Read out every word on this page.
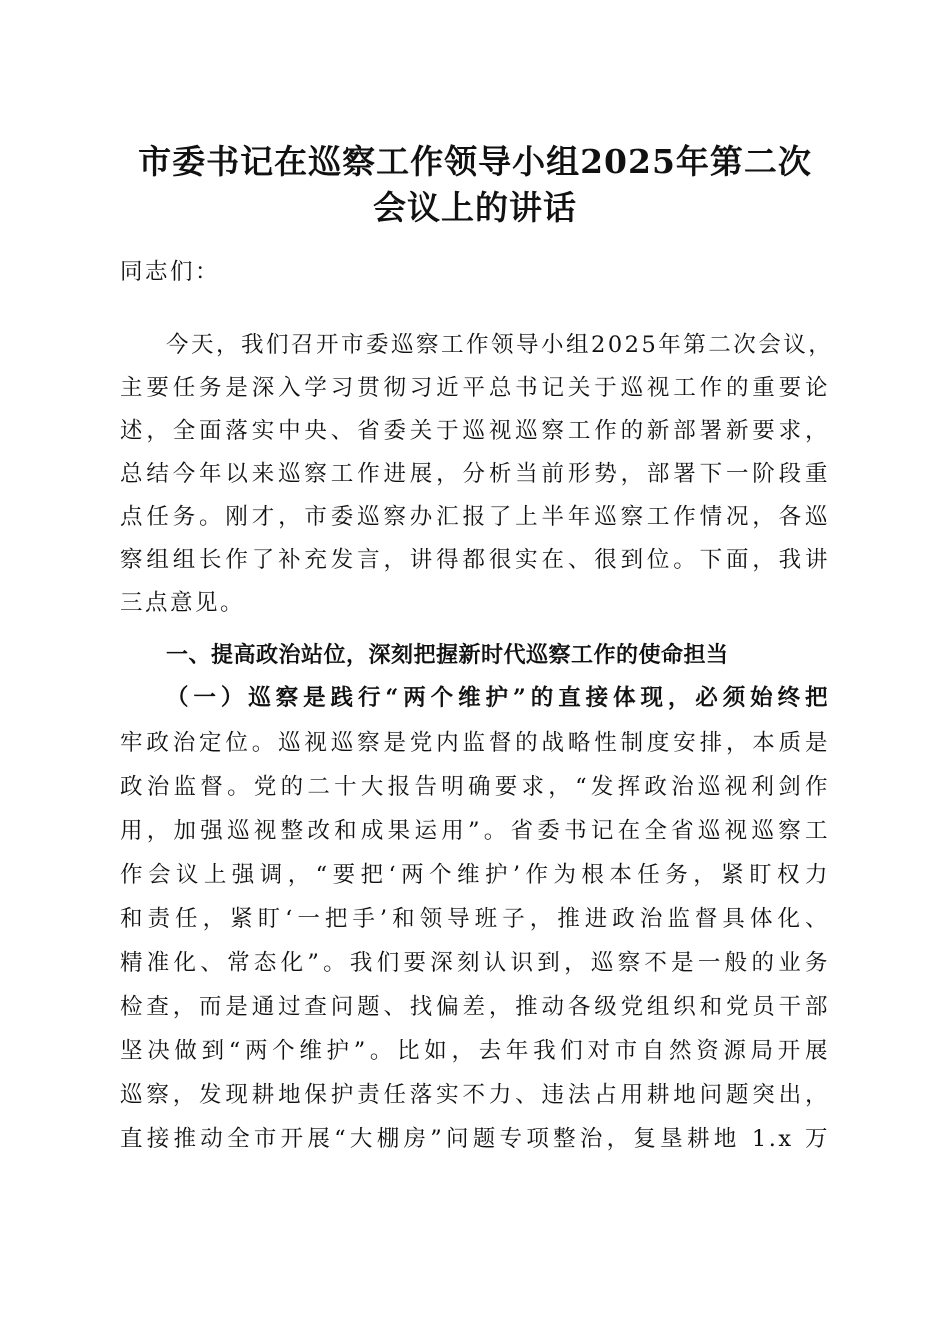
市委书记在巡察工作领导小组2025年第二次
会议上的讲话
同志们：
今天，我们召开市委巡察工作领导小组2025年第二次会议，
主要任务是深入学习贯彻习近平总书记关于巡视工作的重要论
述，全面落实中央、省委关于巡视巡察工作的新部署新要求，
总结今年以来巡察工作进展，分析当前形势，部署下一阶段重
点任务。刚才，市委巡察办汇报了上半年巡察工作情况，各巡
察组组长作了补充发言，讲得都很实在、很到位。下面，我讲
三点意见。
一、提高政治站位，深刻把握新时代巡察工作的使命担当
（一）巡察是践行“两个维护”的直接体现，必须始终把
牢政治定位。巡视巡察是党内监督的战略性制度安排，本质是
政治监督。党的二十大报告明确要求，“发挥政治巡视利剑作
用，加强巡视整改和成果运用”。省委书记在全省巡视巡察工
作会议上强调，“要把‘两个维护’作为根本任务，紧盯权力
和责任，紧盯‘一把手’和领导班子，推进政治监督具体化、
精准化、常态化”。我们要深刻认识到，巡察不是一般的业务
检查，而是通过查问题、找偏差，推动各级党组织和党员干部
坚决做到“两个维护”。比如，去年我们对市自然资源局开展
巡察，发现耕地保护责任落实不力、违法占用耕地问题突出，
直接推动全市开展“大棚房”问题专项整治，复垦耕地 1.x 万
